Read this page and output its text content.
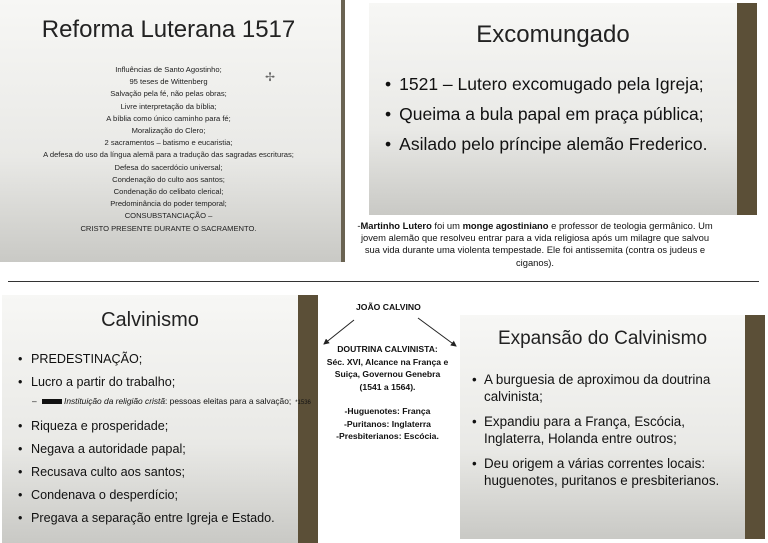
Reforma Luterana 1517
✢
Influências de Santo Agostinho;
95 teses de Wittenberg
Salvação pela fé, não pelas obras;
Livre interpretação da bíblia;
A bíblia como único caminho para fé;
Moralização do Clero;
2 sacramentos – batismo e eucaristia;
A defesa do uso da língua alemã para a tradução das sagradas escrituras;
Defesa do sacerdócio universal;
Condenação do culto aos santos;
Condenação do celibato clerical;
Predominância do poder temporal;
CONSUBSTANCIAÇÃO –
CRISTO PRESENTE DURANTE O SACRAMENTO.
Excomungado
• 1521 – Lutero excomugado pela Igreja;
• Queima a bula papal em praça pública;
• Asilado pelo príncipe alemão Frederico.
-Martinho Lutero foi um monge agostiniano e professor de teologia germânico. Um jovem alemão que resolveu entrar para a vida religiosa após um milagre que salvou sua vida durante uma violenta tempestade. Ele foi antissemita (contra os judeus e ciganos).
Calvinismo
• PREDESTINAÇÃO;
• Lucro a partir do trabalho;
– Instituição da religião cristã: pessoas eleitas para a salvação; *1536
• Riqueza e prosperidade;
• Negava a autoridade papal;
• Recusava culto aos santos;
• Condenava o desperdício;
• Pregava a separação entre Igreja e Estado.
JOÃO CALVINO

DOUTRINA CALVINISTA:

Séc. XVI, Alcance na França e Suiça, Governou Genebra (1541 a 1564).

-Huguenotes: França

-Puritanos: Inglaterra

-Presbiterianos: Escócia.

Expansão do Calvinismo
• A burguesia de aproximou da doutrina calvinista;
• Expandiu para a França, Escócia, Inglaterra, Holanda entre outros;
• Deu origem a várias correntes locais: huguenotes, puritanos e presbiterianos.
